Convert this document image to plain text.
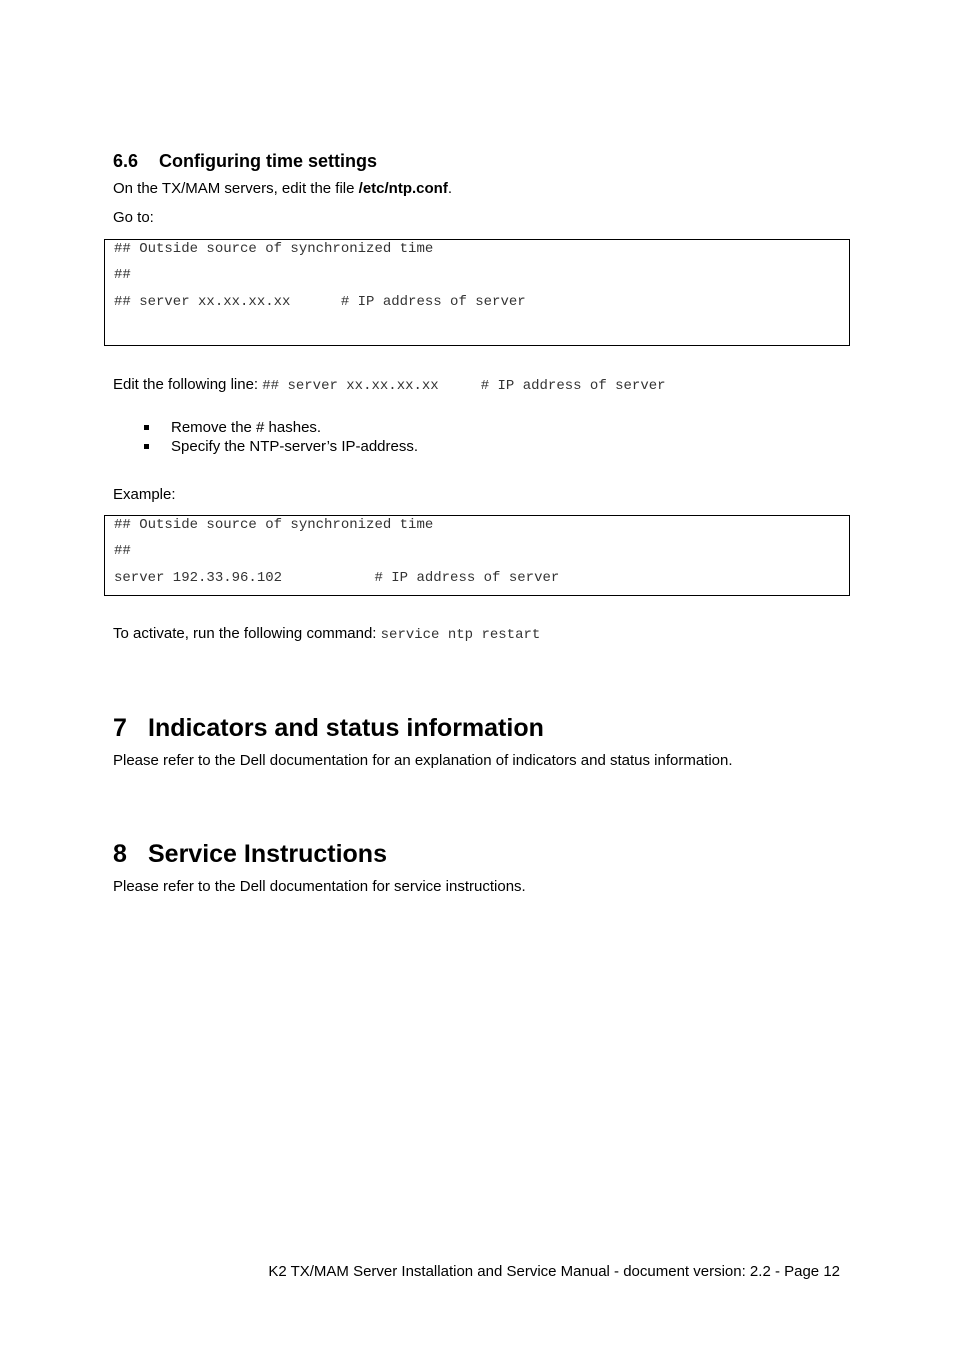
6.6 Configuring time settings
On the TX/MAM servers, edit the file /etc/ntp.conf.
Go to:
## Outside source of synchronized time
##
## server xx.xx.xx.xx      # IP address of server
Edit the following line: ## server xx.xx.xx.xx     # IP address of server
Remove the # hashes.
Specify the NTP-server’s IP-address.
Example:
## Outside source of synchronized time
##
server 192.33.96.102           # IP address of server
To activate, run the following command: service ntp restart
7 Indicators and status information
Please refer to the Dell documentation for an explanation of indicators and status information.
8 Service Instructions
Please refer to the Dell documentation for service instructions.
K2 TX/MAM Server Installation and Service Manual - document version: 2.2 - Page 12
